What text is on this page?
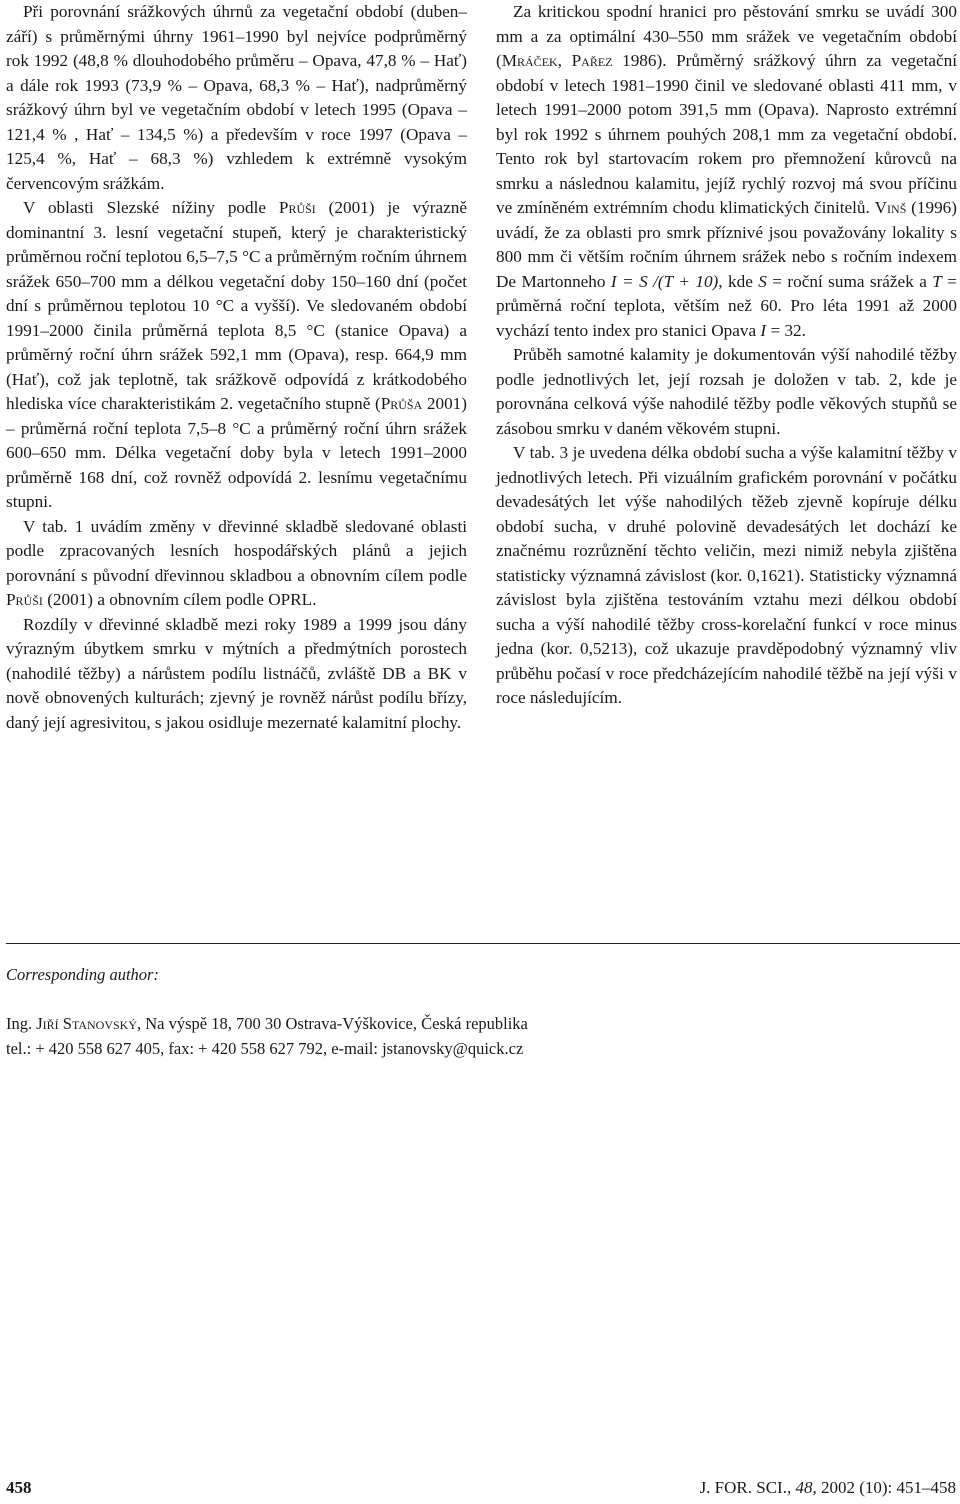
Při porovnání srážkových úhrnů za vegetační období (duben–září) s průměrnými úhrny 1961–1990 byl nejvíce podprůměrný rok 1992 (48,8 % dlouhodobého průměru – Opava, 47,8 % – Hať) a dále rok 1993 (73,9 % – Opava, 68,3 % – Hať), nadprůměrný srážkový úhrn byl ve vegetačním období v letech 1995 (Opava – 121,4 % , Hať – 134,5 %) a především v roce 1997 (Opava – 125,4 %, Hať – 68,3 %) vzhledem k extrémně vysokým červencovým srážkám.

V oblasti Slezské nížiny podle Průši (2001) je výrazně dominantní 3. lesní vegetační stupeň, který je charakteristický průměrnou roční teplotou 6,5–7,5 °C a průměrným ročním úhrnem srážek 650–700 mm a délkou vegetační doby 150–160 dní (počet dní s průměrnou teplotou 10 °C a vyšší). Ve sledovaném období 1991–2000 činila průměrná teplota 8,5 °C (stanice Opava) a průměrný roční úhrn srážek 592,1 mm (Opava), resp. 664,9 mm (Hať), což jak teplotně, tak srážkově odpovídá z krátkodobého hlediska více charakteristikám 2. vegetačního stupně (Průša 2001) – průměrná roční teplota 7,5–8 °C a průměrný roční úhrn srážek 600–650 mm. Délka vegetační doby byla v letech 1991–2000 průměrně 168 dní, což rovněž odpovídá 2. lesnímu vegetačnímu stupni.

V tab. 1 uvádím změny v dřevinné skladbě sledované oblasti podle zpracovaných lesních hospodářských plánů a jejich porovnání s původní dřevinnou skladbou a obnovním cílem podle Průši (2001) a obnovním cílem podle OPRL.

Rozdíly v dřevinné skladbě mezi roky 1989 a 1999 jsou dány výrazným úbytkem smrku v mýtních a předmýtních porostech (nahodilé těžby) a nárůstem podílu listnáčů, zvláště DB a BK v nově obnovených kulturách; zjevný je rovněž nárůst podílu břízy, daný její agresivitou, s jakou osidluje mezernaté kalamitní plochy.

Za kritickou spodní hranici pro pěstování smrku se uvádí 300 mm a za optimální 430–550 mm srážek ve vegetačním období (Mráček, Pařez 1986). Průměrný srážkový úhrn za vegetační období v letech 1981–1990 činil ve sledované oblasti 411 mm, v letech 1991–2000 potom 391,5 mm (Opava). Naprosto extrémní byl rok 1992 s úhrnem pouhých 208,1 mm za vegetační období. Tento rok byl startovacím rokem pro přemnožení kůrovců na smrku a následnou kalamitu, jejíž rychlý rozvoj má svou příčinu ve zmíněném extrémním chodu klimatických činitelů. Vinš (1996) uvádí, že za oblasti pro smrk příznivé jsou považovány lokality s 800 mm či větším ročním úhrnem srážek nebo s ročním indexem De Martonneho I = S /(T + 10), kde S = roční suma srážek a T = průměrná roční teplota, větším než 60. Pro léta 1991 až 2000 vychází tento index pro stanici Opava I = 32.

Průběh samotné kalamity je dokumentován výší nahodilé těžby podle jednotlivých let, její rozsah je doložen v tab. 2, kde je porovnána celková výše nahodilé těžby podle věkových stupňů se zásobou smrku v daném věkovém stupni.

V tab. 3 je uvedena délka období sucha a výše kalamitní těžby v jednotlivých letech. Při vizuálním grafickém porovnání v počátku devadesátých let výše nahodilých těžeb zjevně kopíruje délku období sucha, v druhé polovině devadesátých let dochází ke značnému rozrůznění těchto veličin, mezi nimiž nebyla zjištěna statisticky významná závislost (kor. 0,1621). Statisticky významná závislost byla zjištěna testováním vztahu mezi délkou období sucha a výší nahodilé těžby cross-korelační funkcí v roce minus jedna (kor. 0,5213), což ukazuje pravděpodobný významný vliv průběhu počasí v roce předcházejícím nahodilé těžbě na její výši v roce následujícím.

Corresponding author:
Ing. Jiří Stanovský, Na výspě 18, 700 30 Ostrava-Výškovice, Česká republika
tel.: + 420 558 627 405, fax: + 420 558 627 792, e-mail: jstanovsky@quick.cz
458	J. FOR. SCI., 48, 2002 (10): 451–458
